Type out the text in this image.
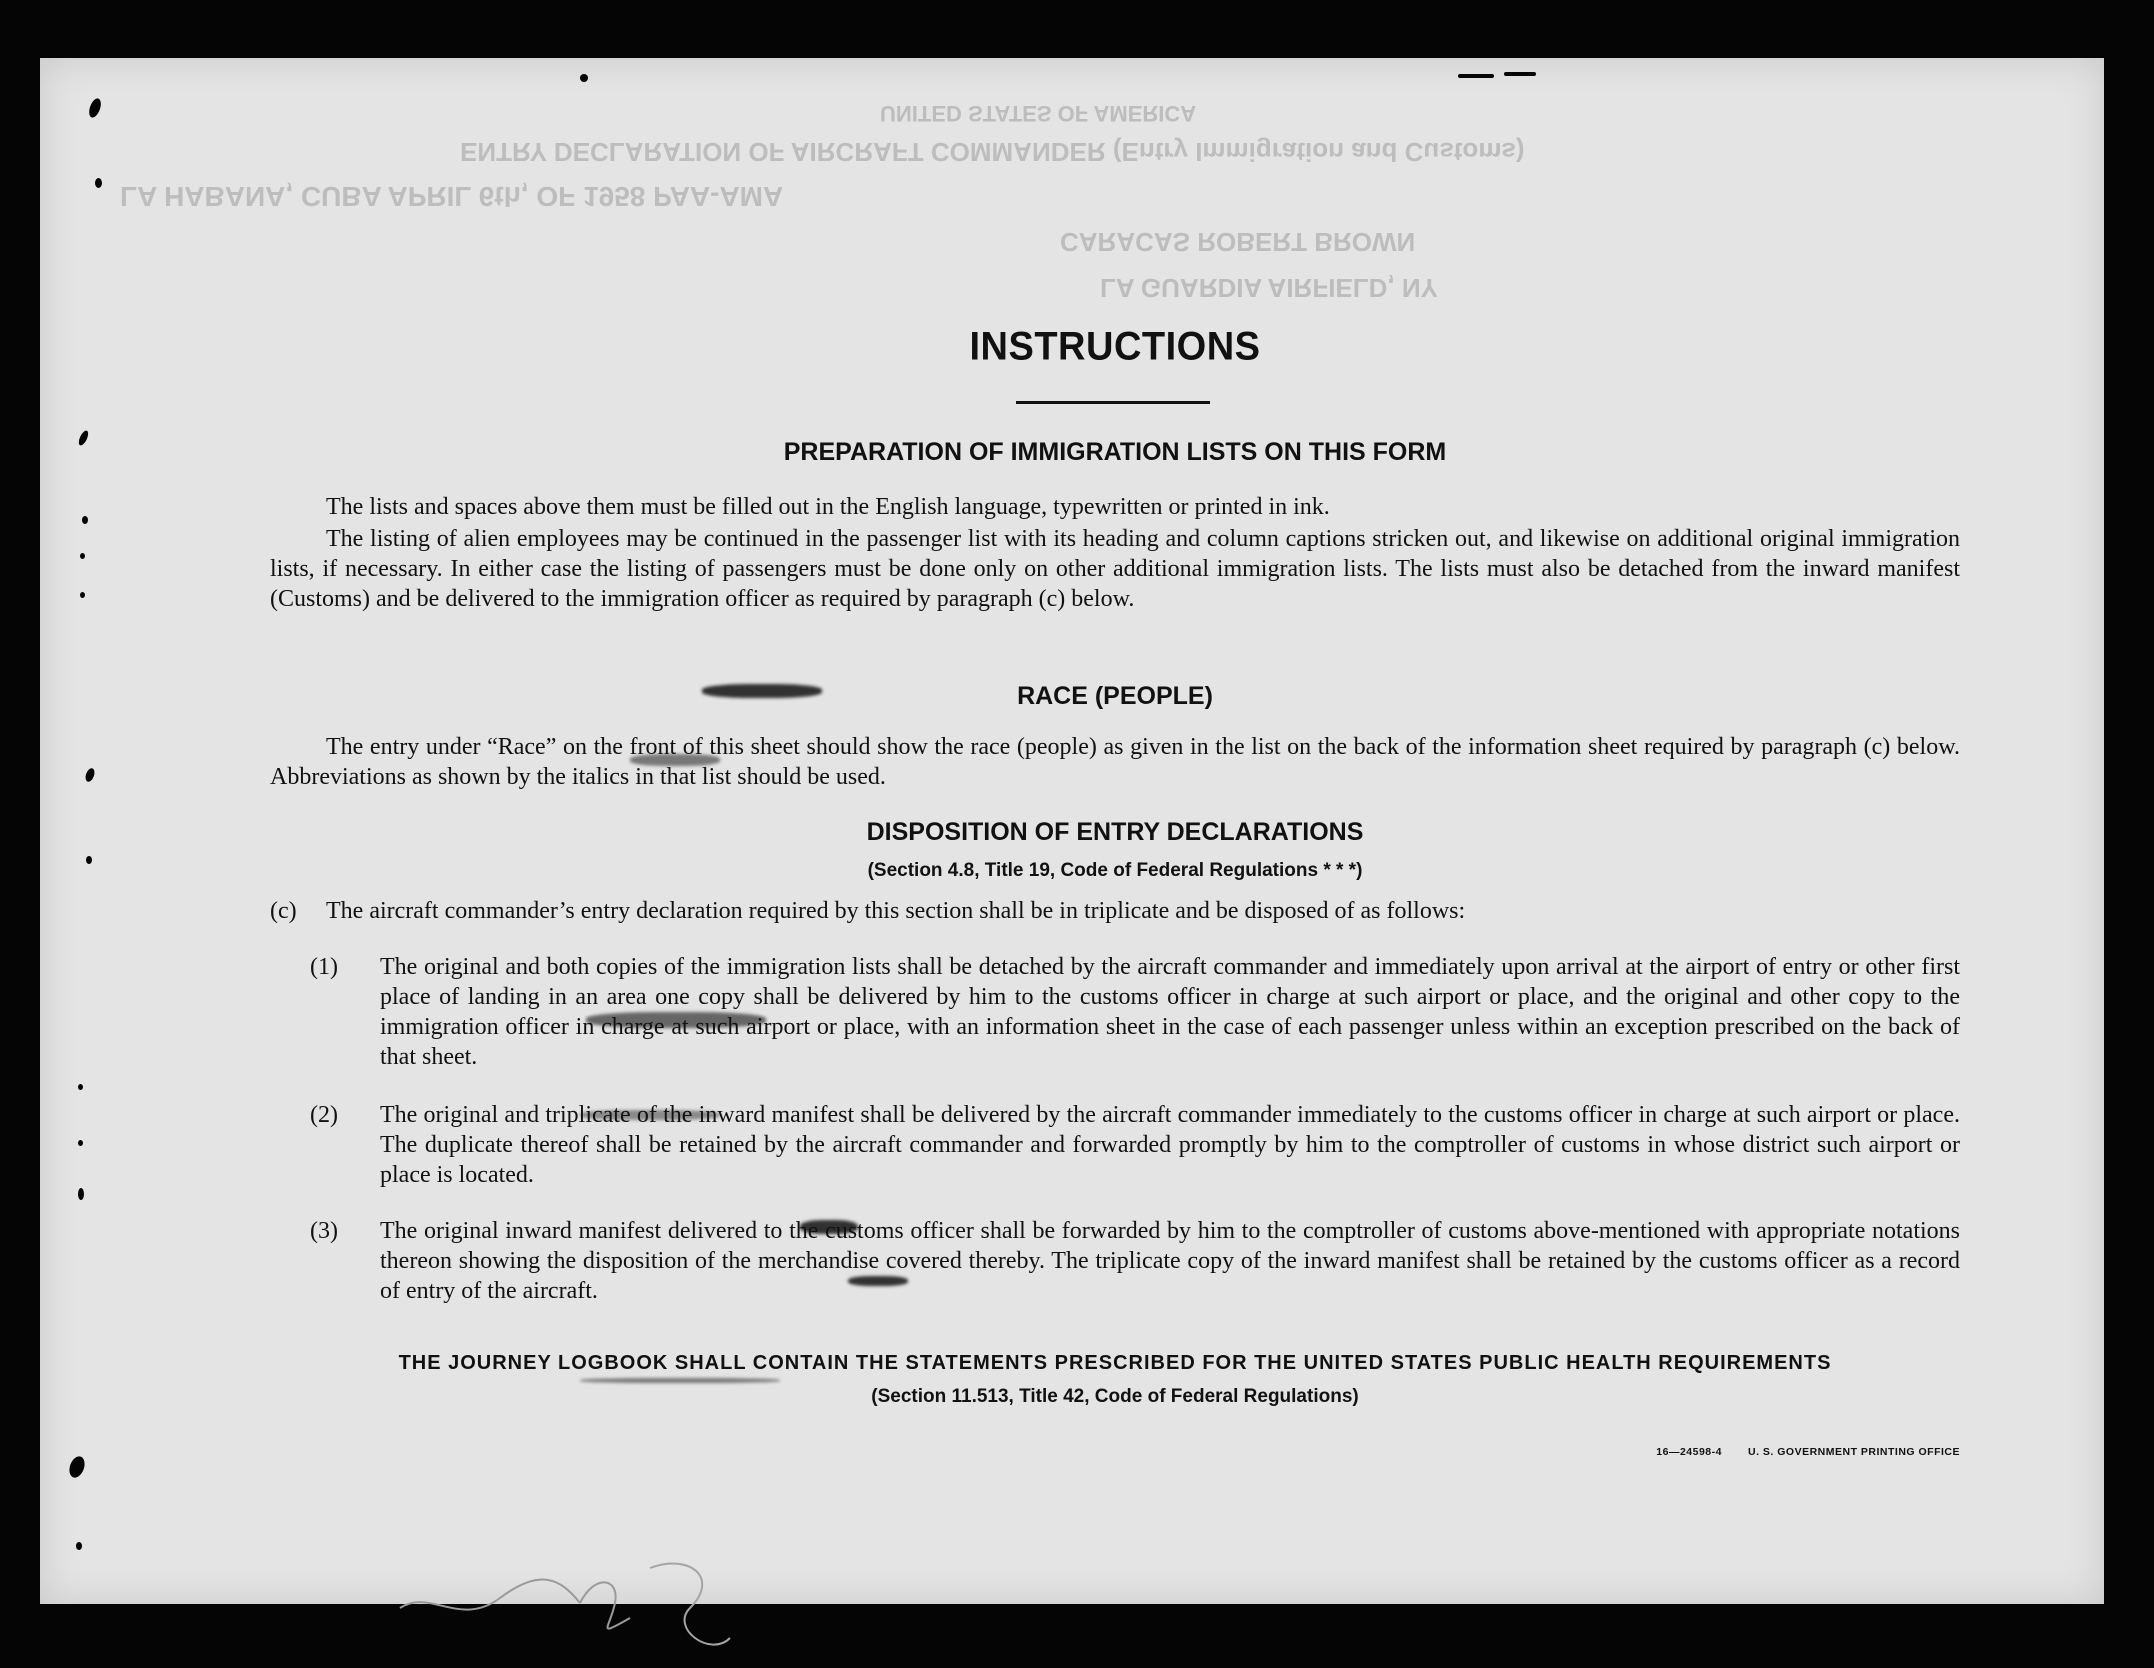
UNITED STATES OF AMERICA
ENTRY DECLARATION OF AIRCRAFT COMMANDER (Entry Immigration and Customs)
LA HABANA, CUBA APRIL 6th, OF 1958 PAA-AMA
CARACAS ROBERT BROWN
LA GUARDIA AIRFIELD, NY
INSTRUCTIONS
PREPARATION OF IMMIGRATION LISTS ON THIS FORM
The lists and spaces above them must be filled out in the English language, typewritten or printed in ink.
The listing of alien employees may be continued in the passenger list with its heading and column captions stricken out, and likewise on additional original immigration lists, if necessary. In either case the listing of passengers must be done only on other additional immigration lists. The lists must also be detached from the inward manifest (Customs) and be delivered to the immigration officer as required by paragraph (c) below.
RACE (PEOPLE)
The entry under “Race” on the front of this sheet should show the race (people) as given in the list on the back of the information sheet required by paragraph (c) below. Abbreviations as shown by the italics in that list should be used.
DISPOSITION OF ENTRY DECLARATIONS
(Section 4.8, Title 19, Code of Federal Regulations * * *)
(c) The aircraft commander’s entry declaration required by this section shall be in triplicate and be disposed of as follows:
(1) The original and both copies of the immigration lists shall be detached by the aircraft commander and immediately upon arrival at the airport of entry or other first place of landing in an area one copy shall be delivered by him to the customs officer in charge at such airport or place, and the original and other copy to the immigration officer in charge at such airport or place, with an information sheet in the case of each passenger unless within an exception prescribed on the back of that sheet.
(2) The original and triplicate of the inward manifest shall be delivered by the aircraft commander immediately to the customs officer in charge at such airport or place. The duplicate thereof shall be retained by the aircraft commander and forwarded promptly by him to the comptroller of customs in whose district such airport or place is located.
(3) The original inward manifest delivered to the customs officer shall be forwarded by him to the comptroller of customs above-mentioned with appropriate notations thereon showing the disposition of the merchandise covered thereby. The triplicate copy of the inward manifest shall be retained by the customs officer as a record of entry of the aircraft.
THE JOURNEY LOGBOOK SHALL CONTAIN THE STATEMENTS PRESCRIBED FOR THE UNITED STATES PUBLIC HEALTH REQUIREMENTS
(Section 11.513, Title 42, Code of Federal Regulations)
16—24598-4 U. S. GOVERNMENT PRINTING OFFICE
